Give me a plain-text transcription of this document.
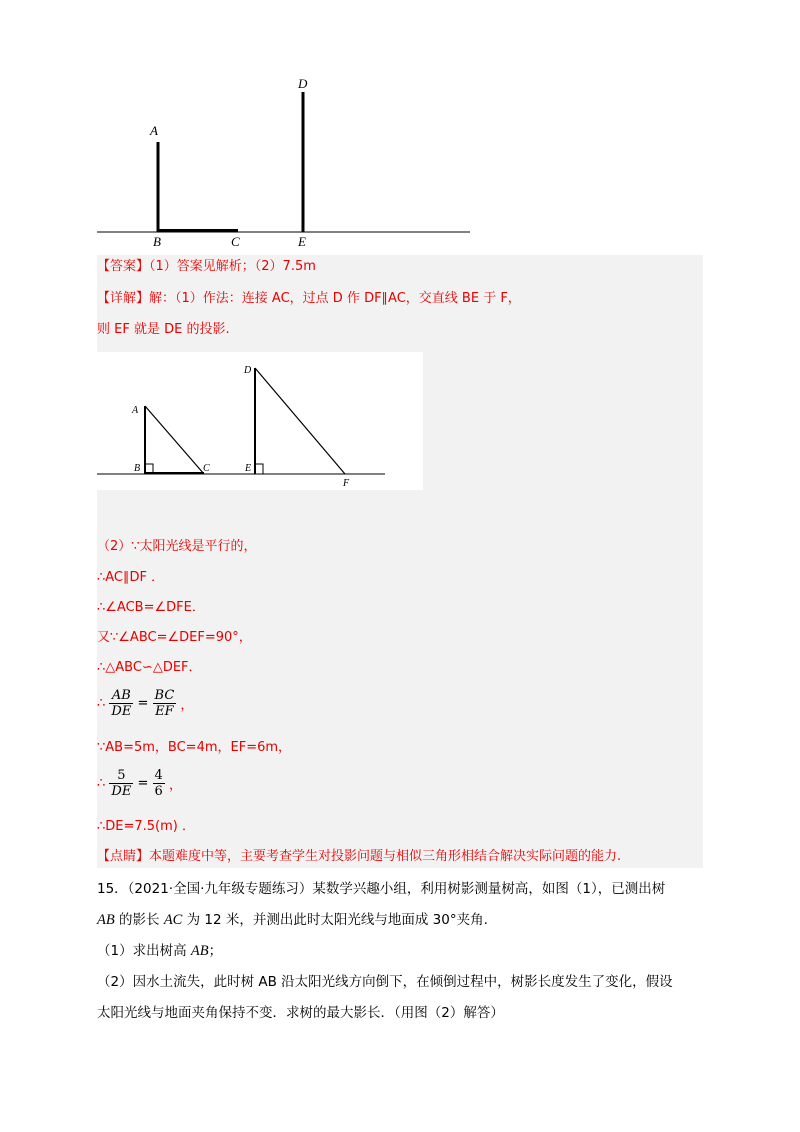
A
B	C
D
E
【答案】（1）答案见解析；（2）7.5m
【详解】解：（1）作法：连接 AC，过点 D 作 DF∥AC，交直线 BE 于 F，
则 EF 就是 DE 的投影.
A
B	C
D
E
F
（2）∵太阳光线是平行的，
∴AC∥DF ．
∴∠ACB=∠DFE．
又∵∠ABC=∠DEF=90°，
∴△ABC∽△DEF．
∴ $\frac{AB}{DE} = \frac{BC}{EF}$ ，
∵AB=5m，BC=4m，EF=6m，
∴ $\frac{5}{DE} = \frac{4}{6}$ ，
∴DE=7.5(m) ．
【点睛】本题难度中等，主要考查学生对投影问题与相似三角形相结合解决实际问题的能力.
15．（2021·全国·九年级专题练习）某数学兴趣小组，利用树影测量树高，如图（1），已测出树
AB 的影长 AC 为 12 米，并测出此时太阳光线与地面成 30°夹角.
（1）求出树高 AB；
（2）因水土流失，此时树 AB 沿太阳光线方向倒下，在倾倒过程中，树影长度发生了变化，假设
太阳光线与地面夹角保持不变．求树的最大影长．（用图（2）解答）
